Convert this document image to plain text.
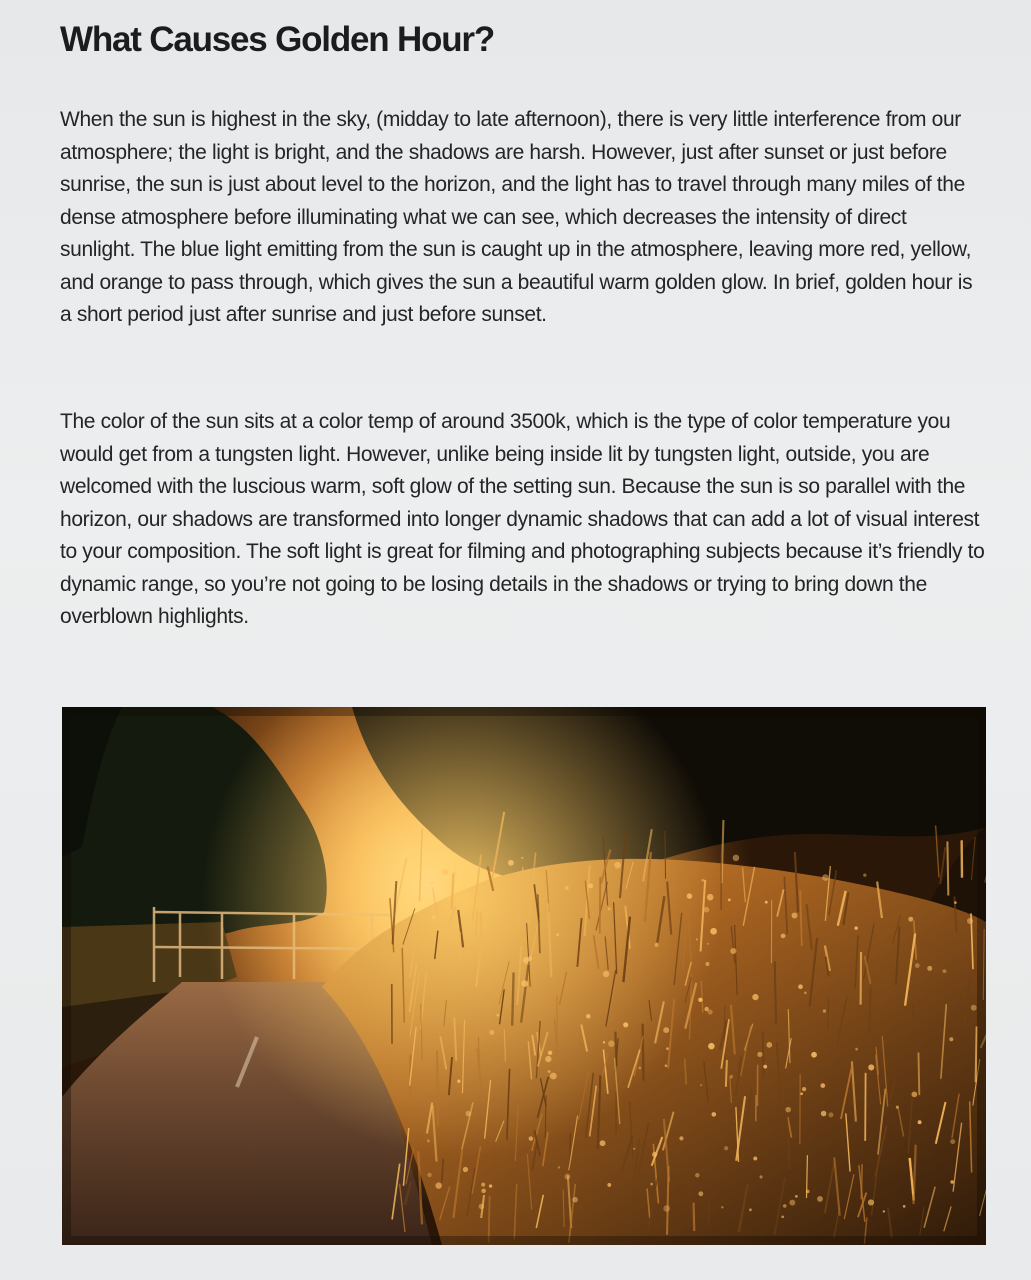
What Causes Golden Hour?

When the sun is highest in the sky, (midday to late afternoon), there is very little interference from our atmosphere; the light is bright, and the shadows are harsh. However, just after sunset or just before sunrise, the sun is just about level to the horizon, and the light has to travel through many miles of the dense atmosphere before illuminating what we can see, which decreases the intensity of direct sunlight. The blue light emitting from the sun is caught up in the atmosphere, leaving more red, yellow, and orange to pass through, which gives the sun a beautiful warm golden glow. In brief, golden hour is a short period just after sunrise and just before sunset.

The color of the sun sits at a color temp of around 3500k, which is the type of color temperature you would get from a tungsten light. However, unlike being inside lit by tungsten light, outside, you are welcomed with the luscious warm, soft glow of the setting sun. Because the sun is so parallel with the horizon, our shadows are transformed into longer dynamic shadows that can add a lot of visual interest to your composition. The soft light is great for filming and photographing subjects because it’s friendly to dynamic range, so you’re not going to be losing details in the shadows or trying to bring down the overblown highlights.
